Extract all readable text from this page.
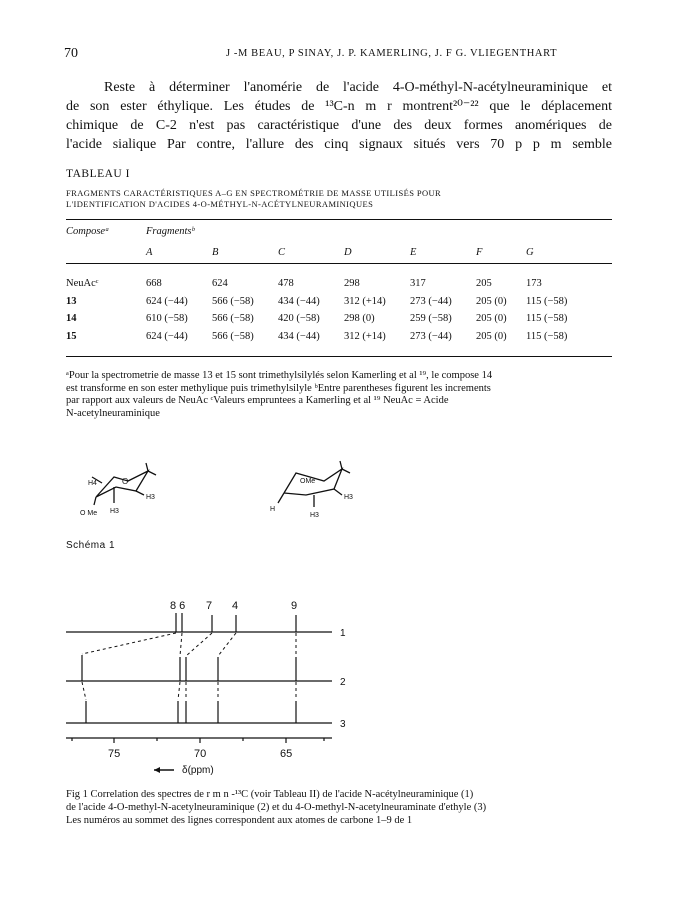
70	J -M BEAU, P SINAY, J. P. KAMERLING, J. F G. VLIEGENTHART

Reste à déterminer l'anomérie de l'acide 4-O-méthyl-N-acétylneuraminique et
de son ester éthylique. Les études de ¹³C-n m r montrent²⁰⁻²² que le déplacement
chimique de C-2 n'est pas caractéristique d'une des deux formes anomériques de
l'acide sialique Par contre, l'allure des cinq signaux situés vers 70 p p m semble

TABLEAU I
FRAGMENTS CARACTÉRISTIQUES A–G EN SPECTROMÉTRIE DE MASSE UTILISÉS POUR
L'IDENTIFICATION D'ACIDES 4-O-MÉTHYL-N-ACÉTYLNEURAMINIQUES
Composeᵃ	Fragmentsᵇ						
	A	B	C	D	E	F	G

NeuAcᶜ	668	624	478	298	317	205	173
13	624 (−44)	566 (−58)	434 (−44)	312 (+14)	273 (−44)	205 (0)	115 (−58)
14	610 (−58)	566 (−58)	420 (−58)	298 (0)	259 (−58)	205 (0)	115 (−58)
15	624 (−44)	566 (−58)	434 (−44)	312 (+14)	273 (−44)	205 (0)	115 (−58)

ᵃPour la spectrometrie de masse 13 et 15 sont trimethylsilylés selon Kamerling et al ¹⁹, le compose 14

est transforme en son ester methylique puis trimethylsilyle ᵇEntre parentheses figurent les increments

par rapport aux valeurs de NeuAc ᶜValeurs empruntees a Kamerling et al ¹⁹ NeuAc = Acide

N-acetylneuraminique

O
H4
H3
O Me H3
OMe
H3
H
H3
Schéma 1
8 6 7 4	9
1
2
3
75	70	65
δ(ppm)

Fig 1 Correlation des spectres de r m n -¹³C (voir Tableau II) de l'acide N-acétylneuraminique (1)

de l'acide 4-O-methyl-N-acetylneuraminique (2) et du 4-O-methyl-N-acetylneuraminate d'ethyle (3)

Les numéros au sommet des lignes correspondent aux atomes de carbone 1–9 de 1
